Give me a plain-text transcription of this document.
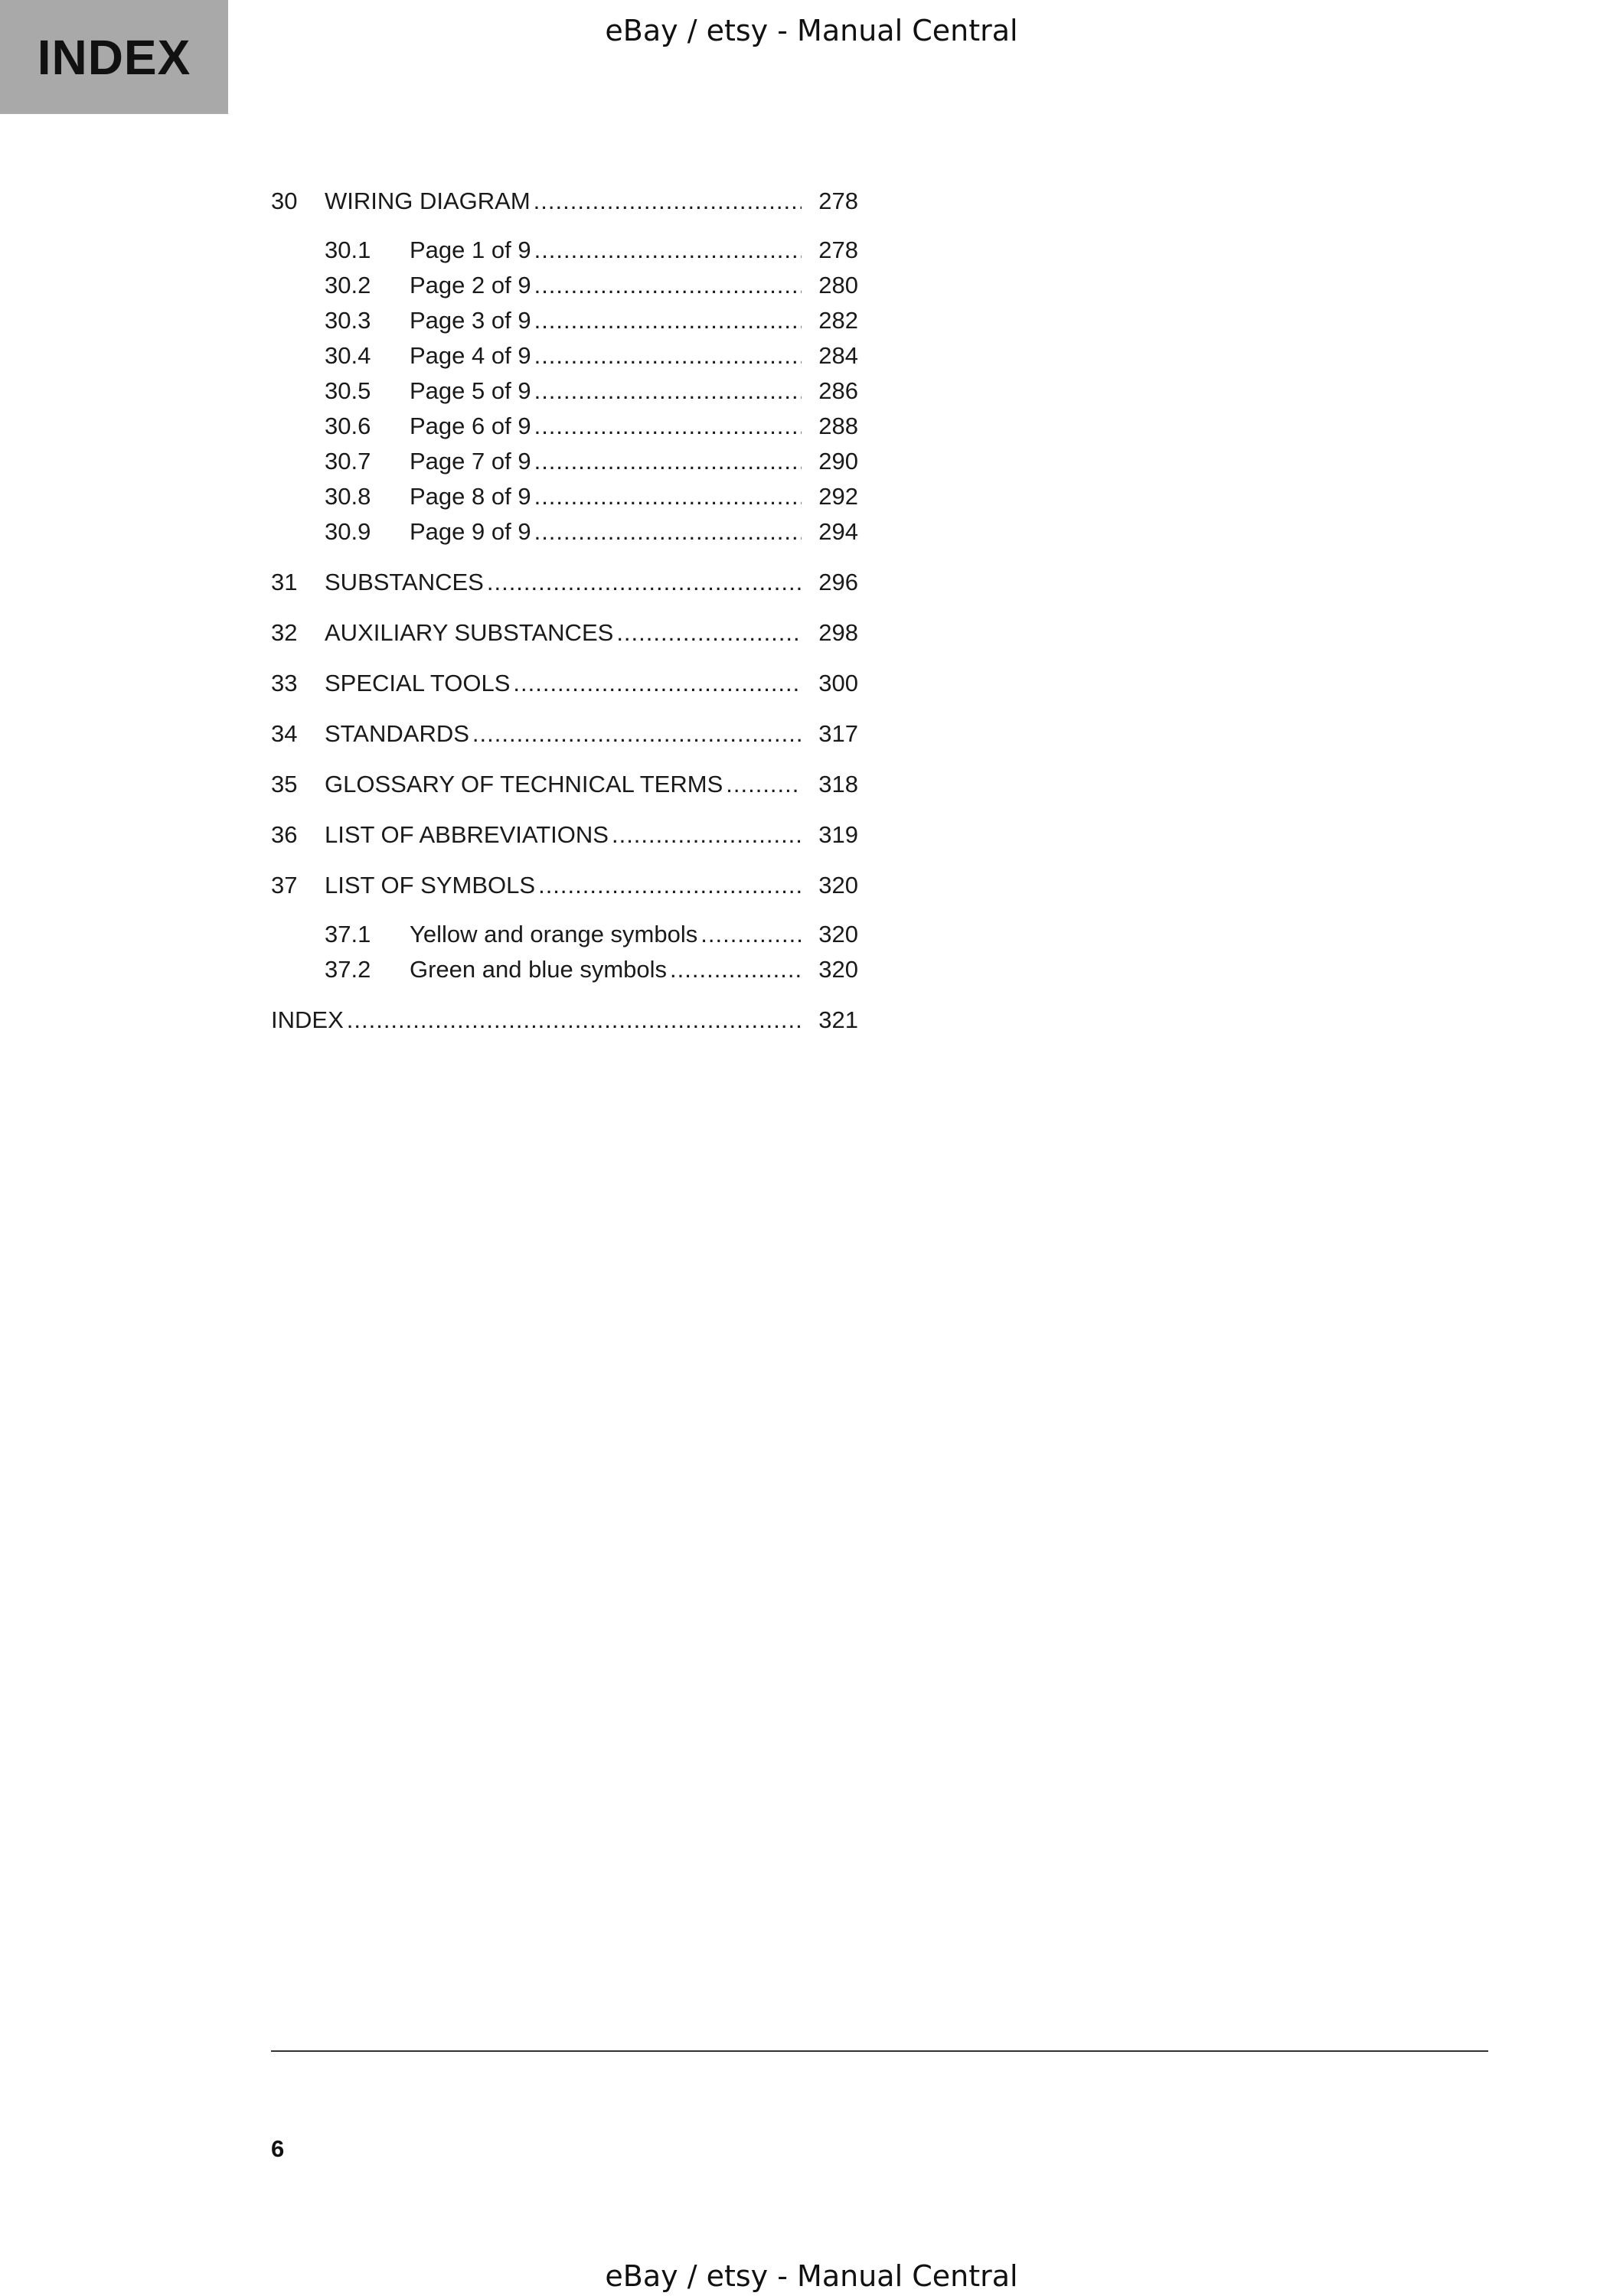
INDEX	eBay / etsy - Manual Central
30	WIRING DIAGRAM .....	278
30.1	Page 1 of 9 .....	278
30.2	Page 2 of 9 .....	280
30.3	Page 3 of 9 .....	282
30.4	Page 4 of 9 .....	284
30.5	Page 5 of 9 .....	286
30.6	Page 6 of 9 .....	288
30.7	Page 7 of 9 .....	290
30.8	Page 8 of 9 .....	292
30.9	Page 9 of 9 .....	294
31	SUBSTANCES .....	296
32	AUXILIARY SUBSTANCES .....	298
33	SPECIAL TOOLS .....	300
34	STANDARDS .....	317
35	GLOSSARY OF TECHNICAL TERMS .....	318
36	LIST OF ABBREVIATIONS .....	319
37	LIST OF SYMBOLS .....	320
37.1	Yellow and orange symbols .....	320
37.2	Green and blue symbols .....	320
INDEX .....	321
6
eBay / etsy - Manual Central
